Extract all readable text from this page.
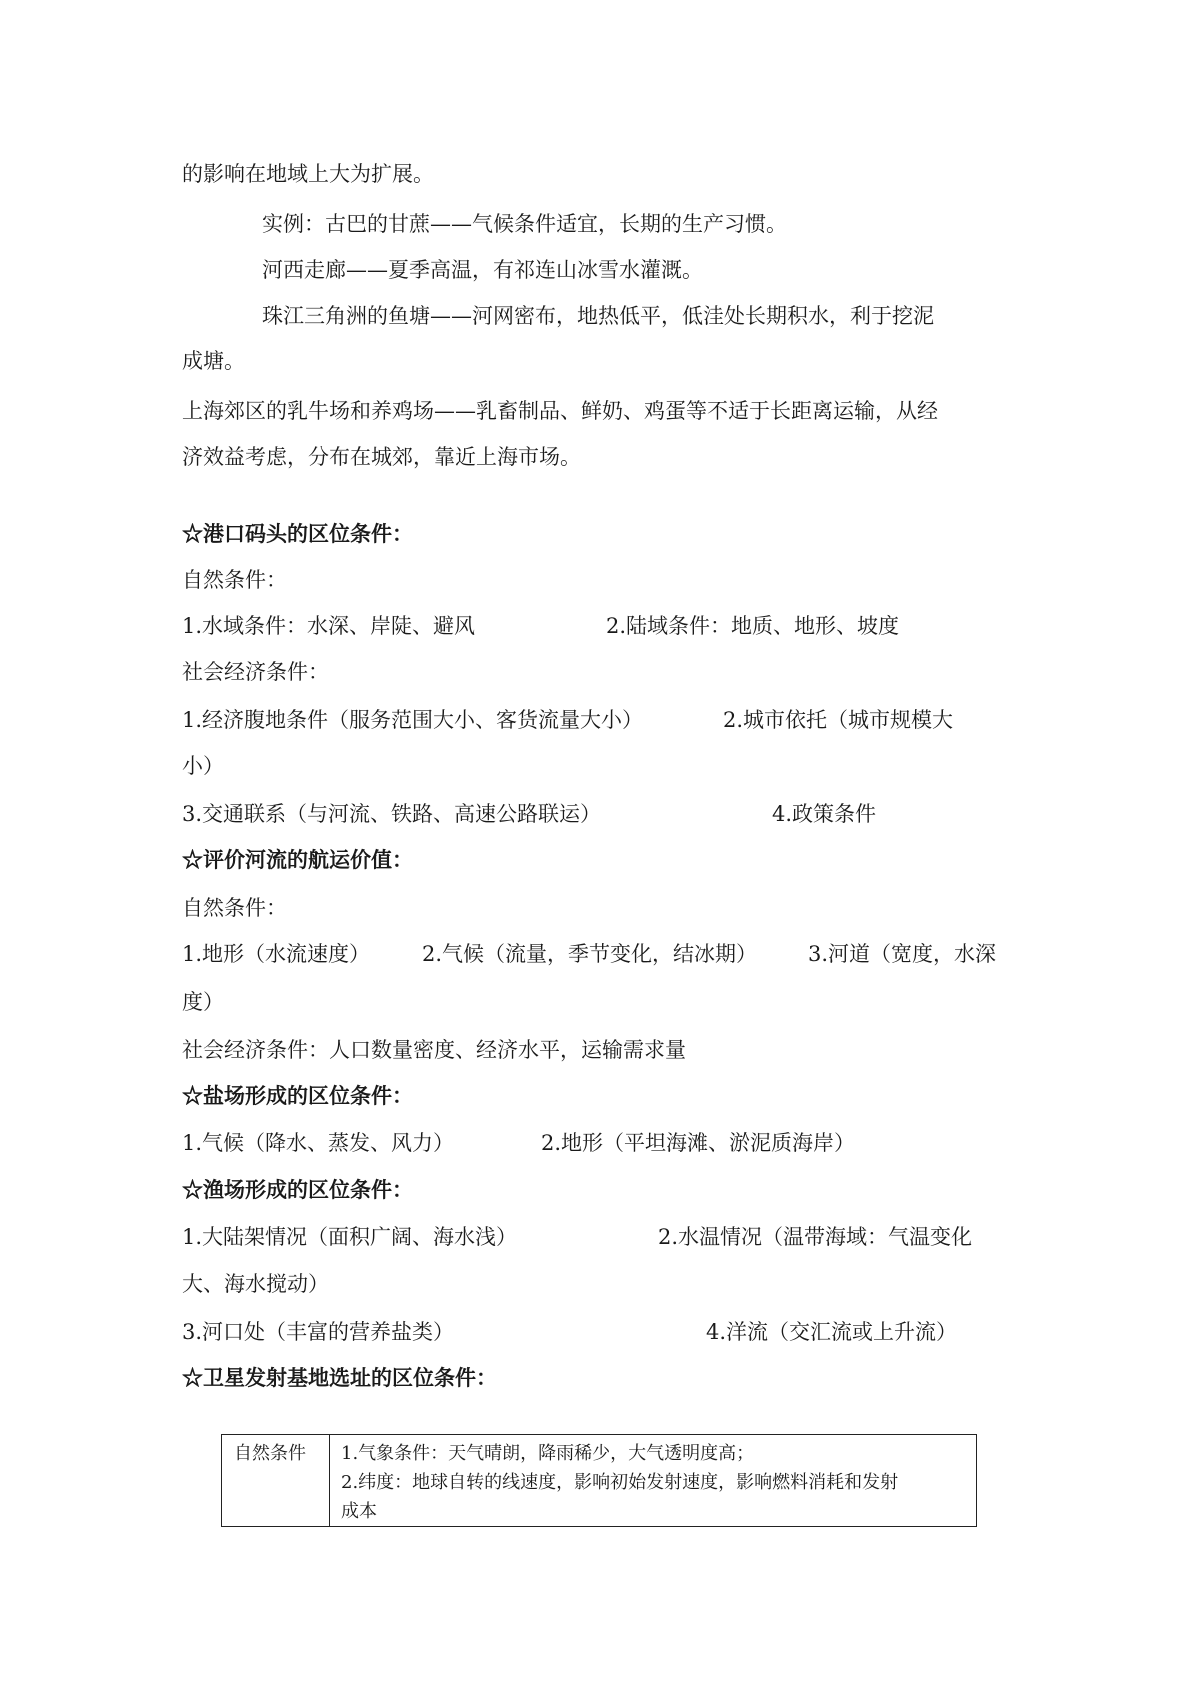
的影响在地域上大为扩展。
实例：古巴的甘蔗——气候条件适宜，长期的生产习惯。
河西走廊——夏季高温，有祁连山冰雪水灌溉。
珠江三角洲的鱼塘——河网密布，地热低平，低洼处长期积水，利于挖泥
成塘。
上海郊区的乳牛场和养鸡场——乳畜制品、鲜奶、鸡蛋等不适于长距离运输，从经
济效益考虑，分布在城郊，靠近上海市场。
☆港口码头的区位条件：
自然条件：
1.水域条件：水深、岸陡、避风	2.陆域条件：地质、地形、坡度
社会经济条件：
1.经济腹地条件（服务范围大小、客货流量大小）	2.城市依托（城市规模大
小）
3.交通联系（与河流、铁路、高速公路联运）	4.政策条件
☆评价河流的航运价值：
自然条件：
1.地形（水流速度） 2.气候（流量，季节变化，结冰期） 3.河道（宽度，水深
度）
社会经济条件：人口数量密度、经济水平，运输需求量
☆盐场形成的区位条件：
1.气候（降水、蒸发、风力）	2.地形（平坦海滩、淤泥质海岸）
☆渔场形成的区位条件：
1.大陆架情况（面积广阔、海水浅）	2.水温情况（温带海域：气温变化
大、海水搅动）
3.河口处（丰富的营养盐类）	4.洋流（交汇流或上升流）
☆卫星发射基地选址的区位条件：
自然条件	1.气象条件：天气晴朗，降雨稀少，大气透明度高；
2.纬度：地球自转的线速度，影响初始发射速度，影响燃料消耗和发射
成本
